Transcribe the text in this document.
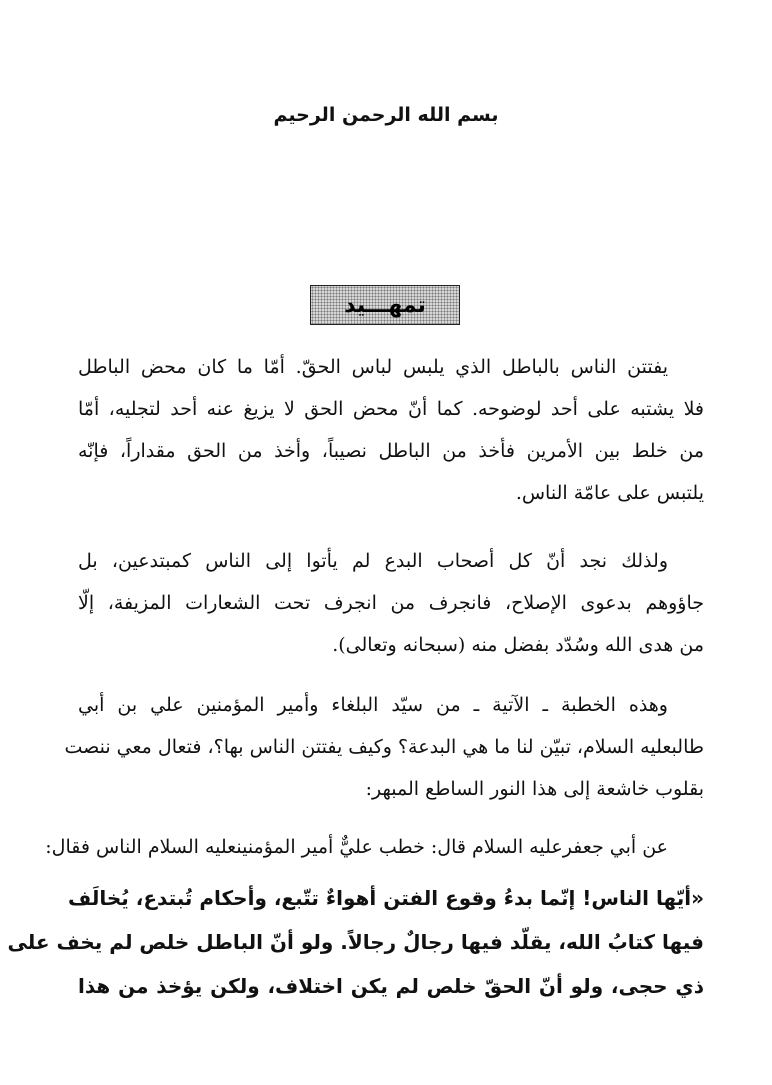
بسم الله الرحمن الرحيم
تمهـــيد
يفتتن الناس بالباطل الذي يلبس لباس الحقّ. أمّا ما كان محض الباطل
فلا يشتبه على أحد لوضوحه. كما أنّ محض الحق لا يزيغ عنه أحد لتجليه، أمّا
من خلط بين الأمرين فأخذ من الباطل نصيباً، وأخذ من الحق مقداراً، فإنّه
يلتبس على عامّة الناس.
ولذلك نجد أنّ كل أصحاب البدع لم يأتوا إلى الناس كمبتدعين، بل
جاؤوهم بدعوى الإصلاح، فانجرف من انجرف تحت الشعارات المزيفة، إلّا
من هدى الله وسُدّد بفضل منه (سبحانه وتعالى).
وهذه الخطبة ـ الآتية ـ من سيّد البلغاء وأمير المؤمنين علي بن أبي
طالبعليه السلام، تبيّن لنا ما هي البدعة؟ وكيف يفتتن الناس بها؟، فتعال معي ننصت
بقلوب خاشعة إلى هذا النور الساطع المبهر:
عن أبي جعفرعليه السلام قال: خطب عليٌّ أمير المؤمنينعليه السلام الناس فقال:
«أيّها الناس! إنّما بدءُ وقوع الفتن أهواءٌ تتّبع، وأحكام تُبتدع، يُخالَف
فيها كتابُ الله، يقلّد فيها رجالٌ رجالاً. ولو أنّ الباطل خلص لم يخف على
ذي حجى، ولو أنّ الحقّ خلص لم يكن اختلاف، ولكن يؤخذ من هذا
